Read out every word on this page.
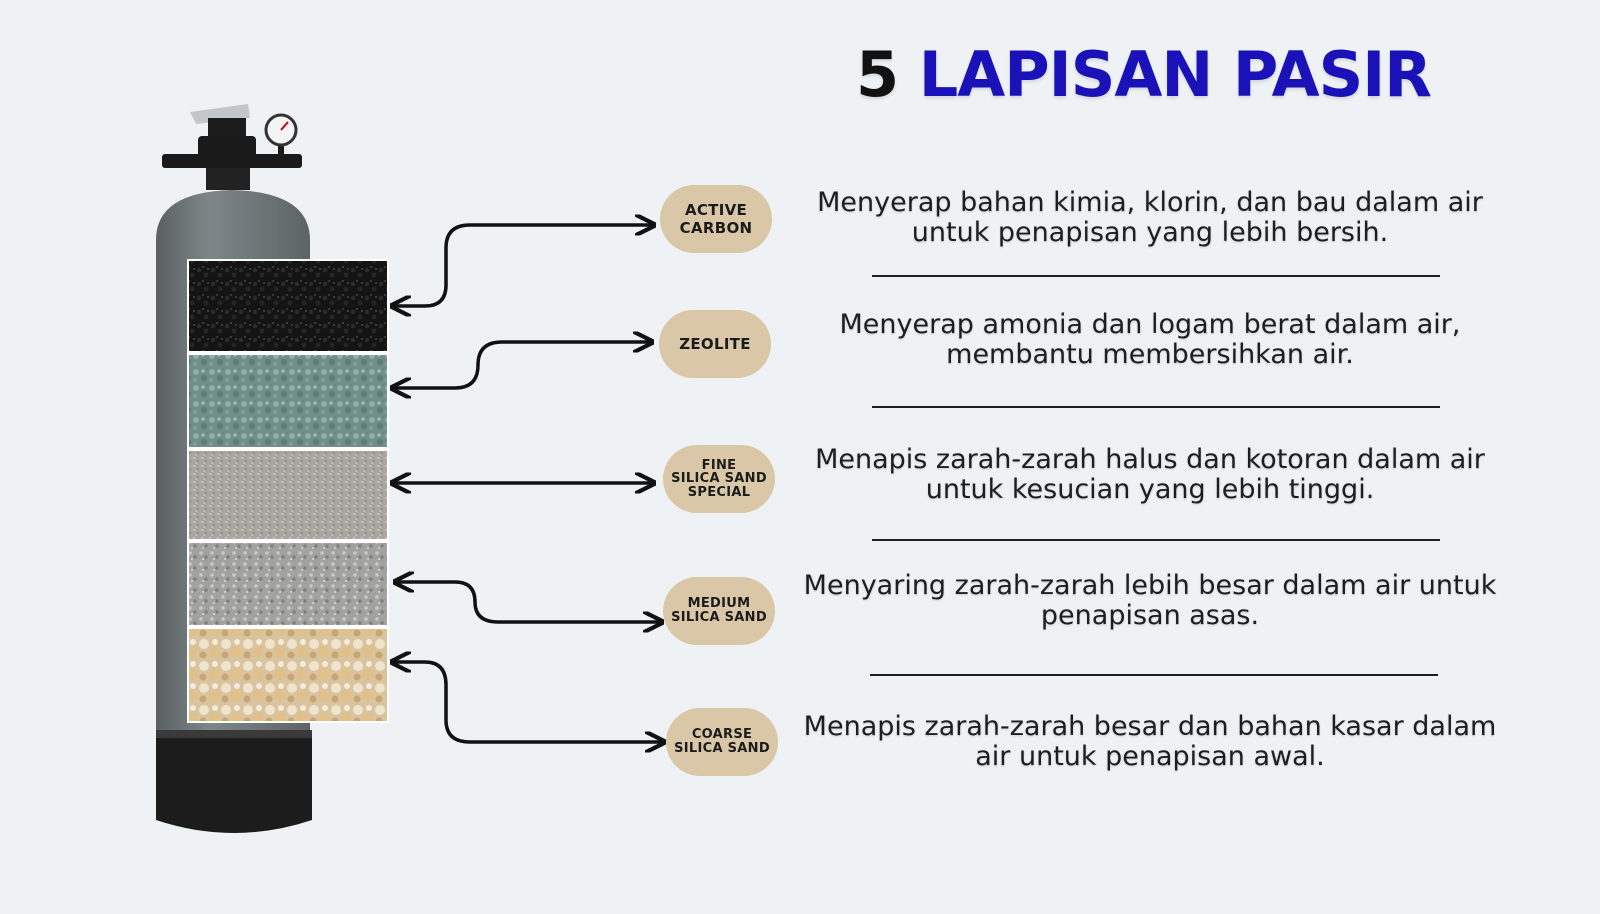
5 LAPISAN PASIR
ACTIVE
CARBON
ZEOLITE
FINE
SILICA SAND
SPECIAL
MEDIUM
SILICA SAND
COARSE
SILICA SAND
Menyerap bahan kimia, klorin, dan bau dalam air untuk penapisan yang lebih bersih.
Menyerap amonia dan logam berat dalam air, membantu membersihkan air.
Menapis zarah-zarah halus dan kotoran dalam air untuk kesucian yang lebih tinggi.
Menyaring zarah-zarah lebih besar dalam air untuk penapisan asas.
Menapis zarah-zarah besar dan bahan kasar dalam air untuk penapisan awal.
